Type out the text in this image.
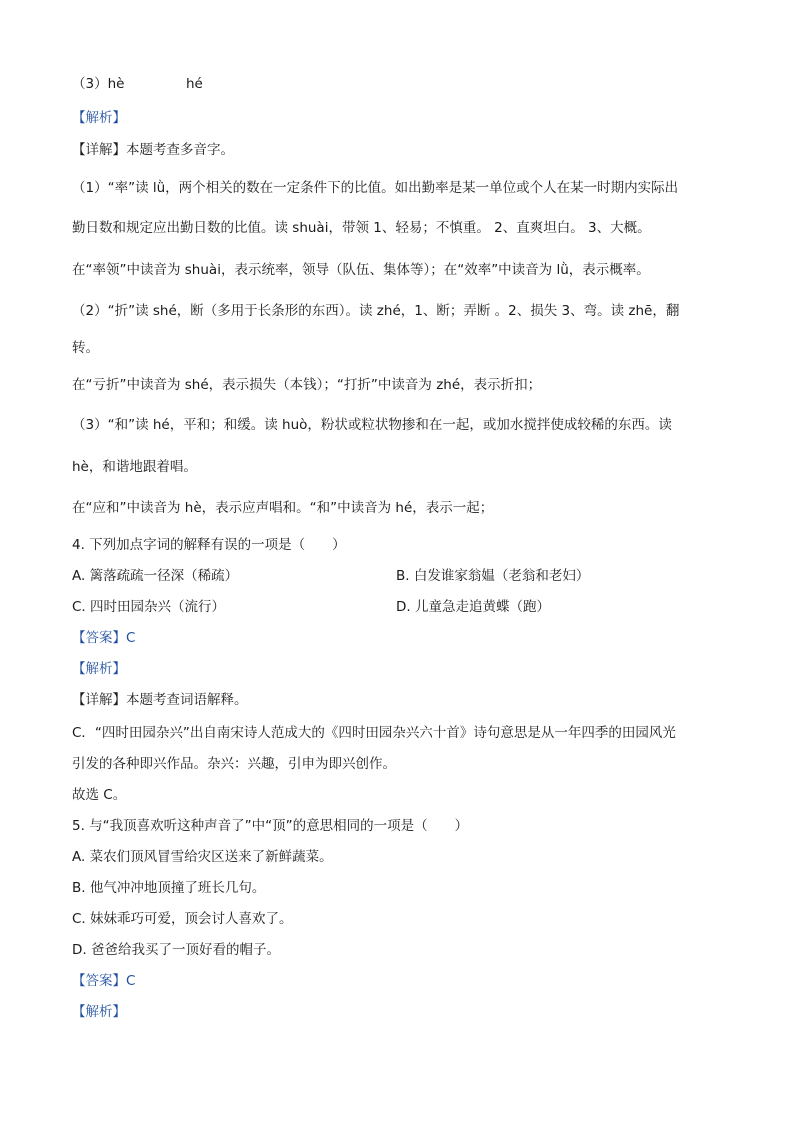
（3）hè	hé
【解析】
【详解】本题考查多音字。
（1）“率”读 lǜ，两个相关的数在一定条件下的比值。如出勤率是某一单位或个人在某一时期内实际出
勤日数和规定应出勤日数的比值。读 shuài，带领 1、轻易；不慎重。 2、直爽坦白。 3、大概。
在“率领”中读音为 shuài，表示统率，领导（队伍、集体等）；在“效率”中读音为 lǜ，表示概率。
（2）“折”读 shé，断（多用于长条形的东西）。读 zhé，1、断；弄断 。2、损失 3、弯。读 zhē，翻
转。
在“亏折”中读音为 shé，表示损失（本钱）；“打折”中读音为 zhé，表示折扣；
（3）“和”读 hé，平和；和缓。读 huò，粉状或粒状物掺和在一起，或加水搅拌使成较稀的东西。读
hè，和谐地跟着唱。
在“应和”中读音为 hè，表示应声唱和。“和”中读音为 hé，表示一起；
4. 下列加点字词的解释有误的一项是（　　）
A. 篱落疏疏一径深（稀疏）	B. 白发谁家翁媪（老翁和老妇）
C. 四时田园杂兴（流行）	D. 儿童急走追黄蝶（跑）
【答案】C
【解析】
【详解】本题考查词语解释。
C．“四时田园杂兴”出自南宋诗人范成大的《四时田园杂兴六十首》诗句意思是从一年四季的田园风光
引发的各种即兴作品。杂兴：兴趣，引申为即兴创作。
故选 C。
5. 与“我顶喜欢听这种声音了”中“顶”的意思相同的一项是（　　）
A. 菜农们顶风冒雪给灾区送来了新鲜蔬菜。
B. 他气冲冲地顶撞了班长几句。
C. 妹妹乖巧可爱，顶会讨人喜欢了。
D. 爸爸给我买了一顶好看的帽子。
【答案】C
【解析】
